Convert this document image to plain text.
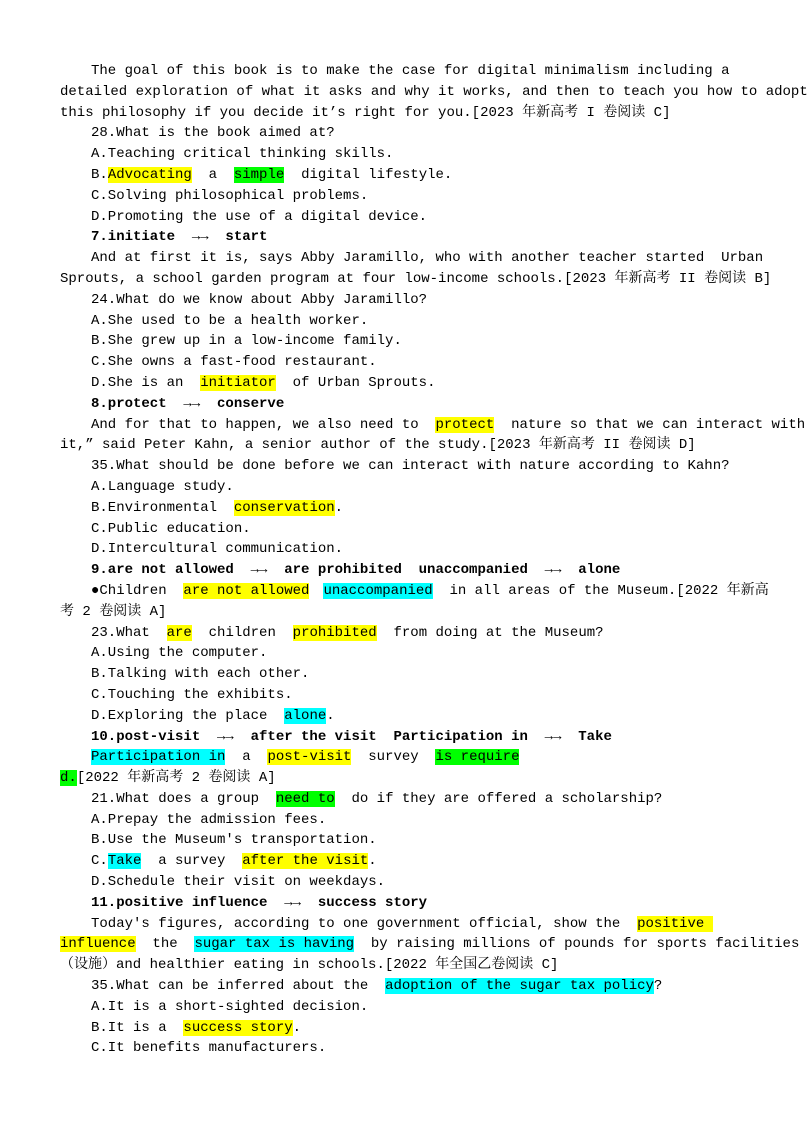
The goal of this book is to make the case for digital minimalism including a
detailed exploration of what it asks and why it works, and then to teach you how to adopt
this philosophy if you decide it’s right for you.[2023 年新高考 I 卷阅读 C]
28.What is the book aimed at?
A.Teaching critical thinking skills.
B.Advocating  a  simple  digital lifestyle.
C.Solving philosophical problems.
D.Promoting the use of a digital device.
7.initiate  →→  start
And at first it is, says Abby Jaramillo, who with another teacher started  Urban
Sprouts, a school garden program at four low-income schools.[2023 年新高考 II 卷阅读 B]
24.What do we know about Abby Jaramillo?
A.She used to be a health worker.
B.She grew up in a low-income family.
C.She owns a fast-food restaurant.
D.She is an  initiator  of Urban Sprouts.
8.protect  →→  conserve
And for that to happen, we also need to  protect  nature so that we can interact with
it,” said Peter Kahn, a senior author of the study.[2023 年新高考 II 卷阅读 D]
35.What should be done before we can interact with nature according to Kahn?
A.Language study.
B.Environmental  conservation.
C.Public education.
D.Intercultural communication.
9.are not allowed  →→  are prohibited  unaccompanied  →→  alone
●Children  are not allowed unaccompanied  in all areas of the Museum.[2022 年新高
考 2 卷阅读 A]
23.What  are  children  prohibited  from doing at the Museum?
A.Using the computer.
B.Talking with each other.
C.Touching the exhibits.
D.Exploring the place  alone.
10.post-visit  →→  after the visit  Participation in  →→  Take
Participation in  a  post-visit  survey  is require
d.[2022 年新高考 2 卷阅读 A]
21.What does a group  need to  do if they are offered a scholarship?
A.Prepay the admission fees.
B.Use the Museum's transportation.
C.Take  a survey  after the visit.
D.Schedule their visit on weekdays.
11.positive influence  →→  success story
Today's figures, according to one government official, show the  positive
influence  the  sugar tax is having  by raising millions of pounds for sports facilities
（设施）and healthier eating in schools.[2022 年全国乙卷阅读 C]
35.What can be inferred about the  adoption of the sugar tax policy?
A.It is a short-sighted decision.
B.It is a  success story.
C.It benefits manufacturers.
